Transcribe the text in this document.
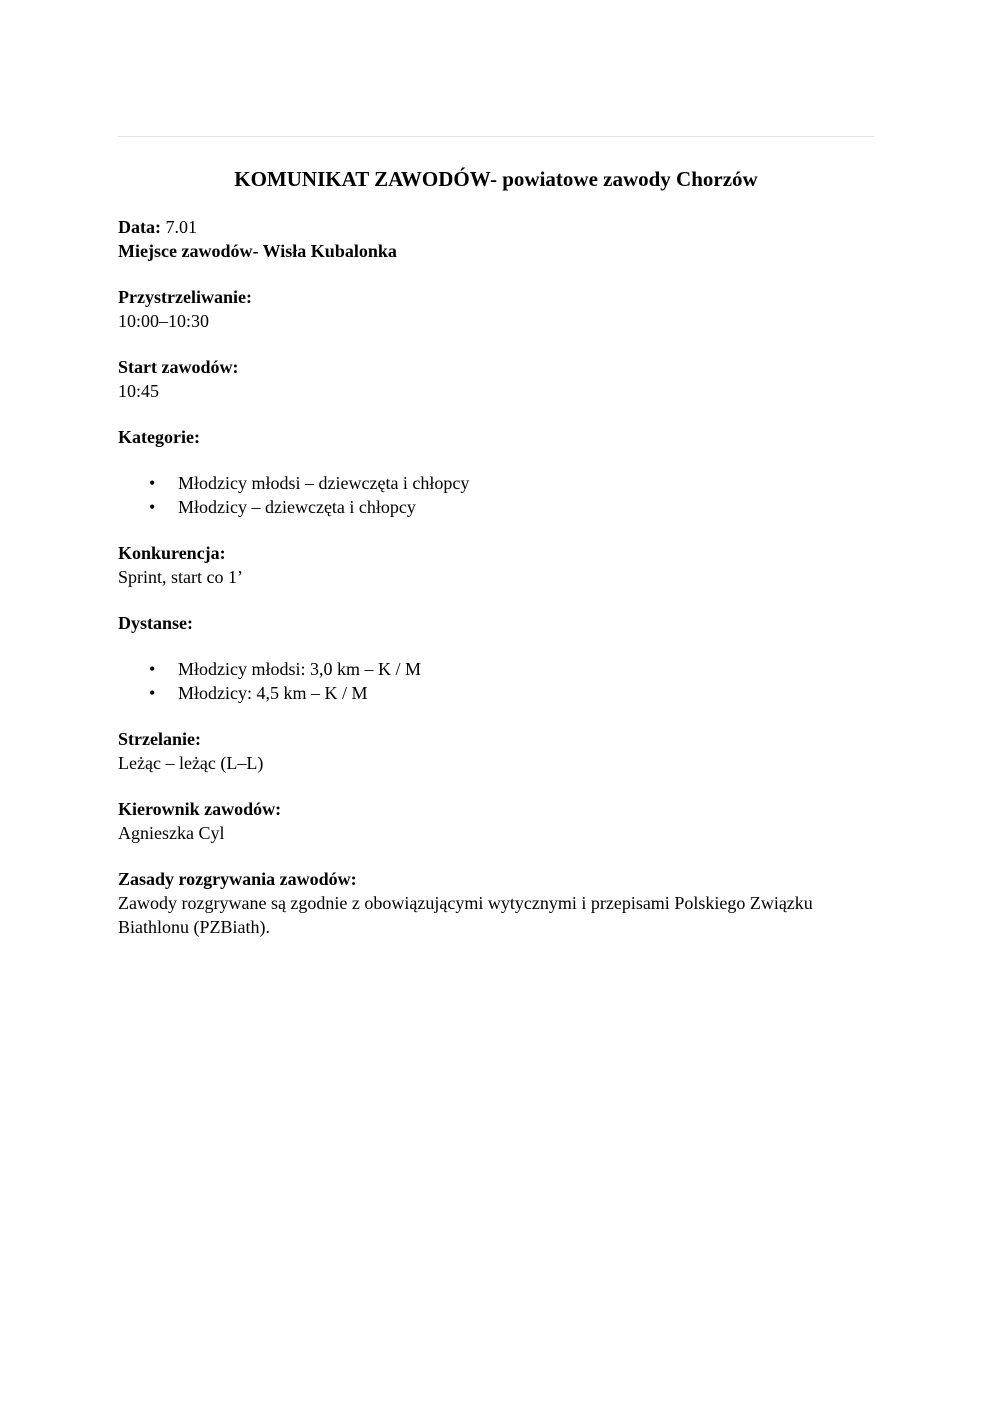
KOMUNIKAT ZAWODÓW- powiatowe zawody Chorzów

Data: 7.01

Miejsce zawodów- Wisła Kubalonka

Przystrzeliwanie:

10:00–10:30

Start zawodów:

10:45

Kategorie:

• Młodzicy młodsi – dziewczęta i chłopcy
• Młodzicy – dziewczęta i chłopcy

Konkurencja:

Sprint, start co 1’

Dystanse:

• Młodzicy młodsi: 3,0 km – K / M
• Młodzicy: 4,5 km – K / M

Strzelanie:

Leżąc – leżąc (L–L)

Kierownik zawodów:

Agnieszka Cyl

Zasady rozgrywania zawodów:

Zawody rozgrywane są zgodnie z obowiązującymi wytycznymi i przepisami Polskiego Związku Biathlonu (PZBiath).
